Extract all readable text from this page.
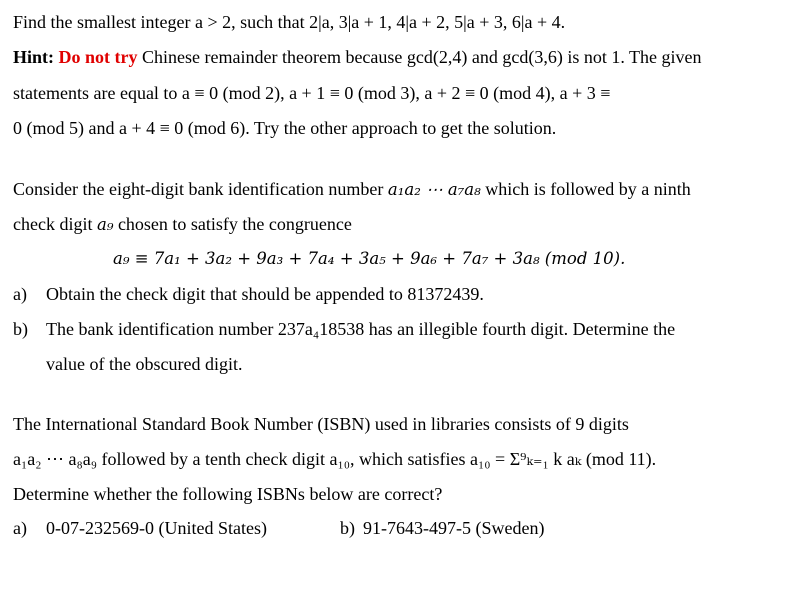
Find the smallest integer a > 2, such that 2|a, 3|a + 1, 4|a + 2, 5|a + 3, 6|a + 4.
Hint: Do not try Chinese remainder theorem because gcd(2,4) and gcd(3,6) is not 1. The given
statements are equal to a ≡ 0 (mod 2), a + 1 ≡ 0 (mod 3), a + 2 ≡ 0 (mod 4), a + 3 ≡
0 (mod 5) and a + 4 ≡ 0 (mod 6). Try the other approach to get the solution.
Consider the eight-digit bank identification number a₁a₂ ⋯ a₇a₈ which is followed by a ninth
check digit a₉ chosen to satisfy the congruence
a₉ ≡ 7a₁ + 3a₂ + 9a₃ + 7a₄ + 3a₅ + 9a₆ + 7a₇ + 3a₈ (mod 10).
a) Obtain the check digit that should be appended to 81372439.
b) The bank identification number 237a₄18538 has an illegible fourth digit. Determine the
value of the obscured digit.
The International Standard Book Number (ISBN) used in libraries consists of 9 digits
a₁a₂ ⋯ a₈a₉ followed by a tenth check digit a₁₀, which satisfies a₁₀ = Σ⁹ₖ₌₁ k aₖ (mod 11).
Determine whether the following ISBNs below are correct?
a) 0-07-232569-0 (United States)	b) 91-7643-497-5 (Sweden)
